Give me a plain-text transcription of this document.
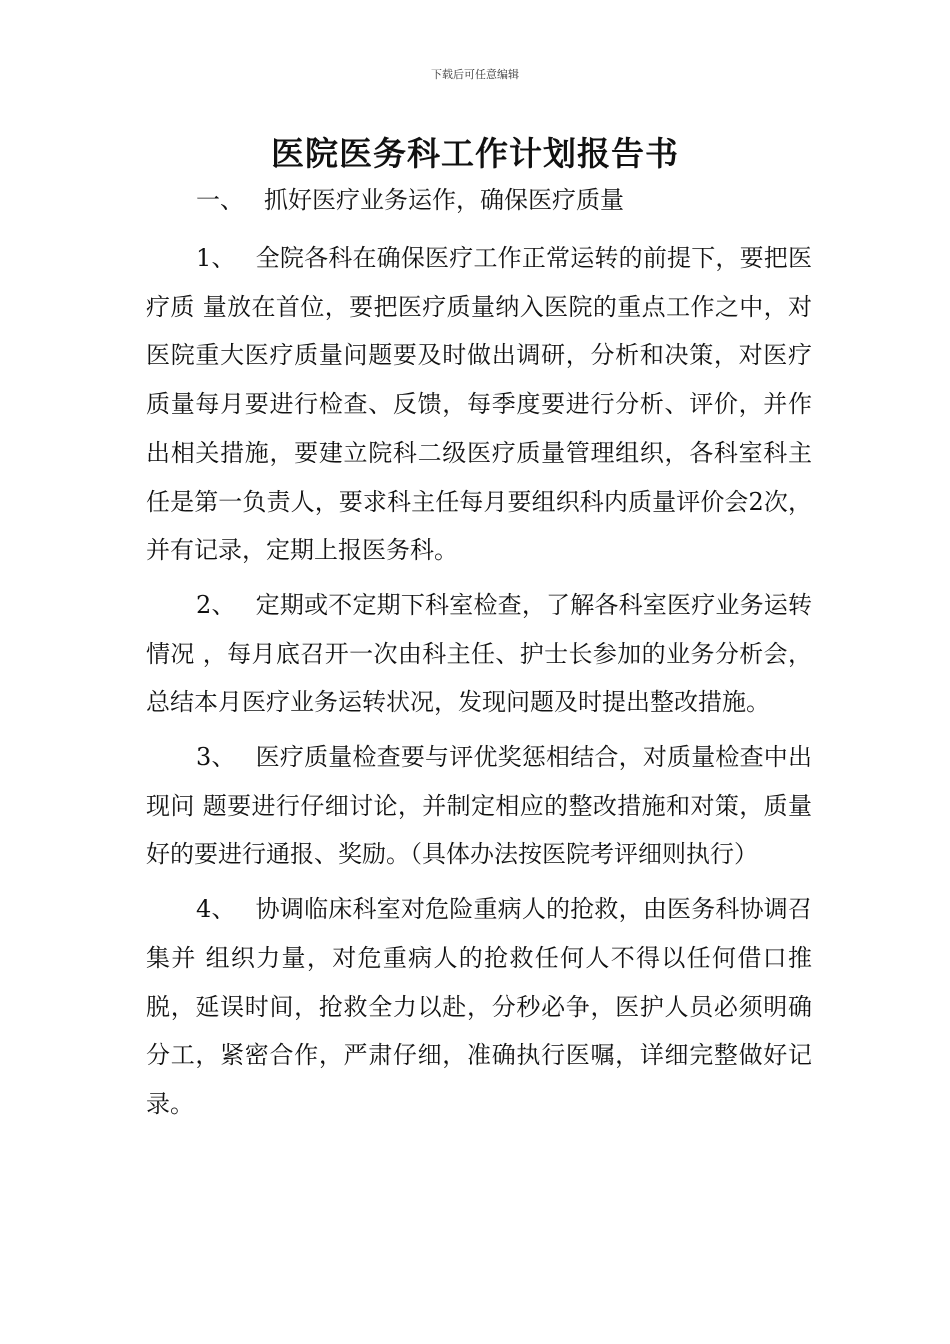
下载后可任意编辑
医院医务科工作计划报告书
一、 抓好医疗业务运作，确保医疗质量

1、 全院各科在确保医疗工作正常运转的前提下，要把医疗质 量放在首位，要把医疗质量纳入医院的重点工作之中，对医院重大医疗质量问题要及时做出调研，分析和决策，对医疗质量每月要进行检查、反馈，每季度要进行分析、评价，并作出相关措施，要建立院科二级医疗质量管理组织，各科室科主任是第一负责人，要求科主任每月要组织科内质量评价会2次，并有记录，定期上报医务科。

2、 定期或不定期下科室检查，了解各科室医疗业务运转情况 ，每月底召开一次由科主任、护士长参加的业务分析会，总结本月医疗业务运转状况，发现问题及时提出整改措施。

3、 医疗质量检查要与评优奖惩相结合，对质量检查中出现问 题要进行仔细讨论，并制定相应的整改措施和对策，质量好的要进行通报、奖励。（具体办法按医院考评细则执行）

4、 协调临床科室对危险重病人的抢救，由医务科协调召集并 组织力量，对危重病人的抢救任何人不得以任何借口推脱，延误时间，抢救全力以赴，分秒必争，医护人员必须明确分工，紧密合作，严肃仔细，准确执行医嘱，详细完整做好记录。
